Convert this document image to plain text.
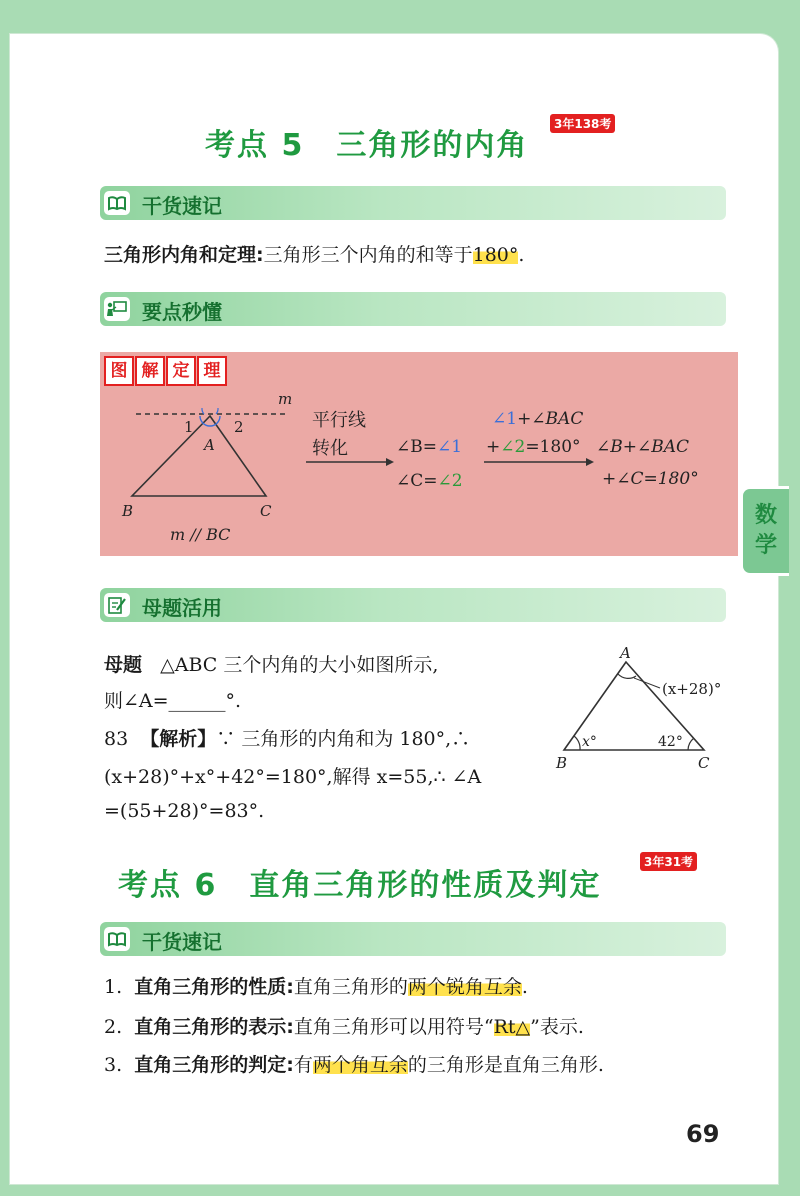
数
学
考点 5　三角形的内角
3年138考
干货速记
三角形内角和定理:三角形三个内角的和等于180°.
要点秒懂
图 解 定 理
m
1	2
A
B	C
m // BC
平行线
转化	∠B=∠1
∠C=∠2
∠1+∠BAC
+∠2=180° ∠B+∠BAC
+∠C=180°
母题活用
母题 △ABC 三个内角的大小如图所示,
则∠A=______°.
83 【解析】∵ 三角形的内角和为 180°,∴
(x+28)°+x°+42°=180°,解得 x=55,∴ ∠A
=(55+28)°=83°.
A
B	C
(x+28)°
x°	42°
考点 6　直角三角形的性质及判定
3年31考
干货速记
1. 直角三角形的性质:直角三角形的两个锐角互余.
2. 直角三角形的表示:直角三角形可以用符号“Rt△”表示.
3. 直角三角形的判定:有两个角互余的三角形是直角三角形.
69
